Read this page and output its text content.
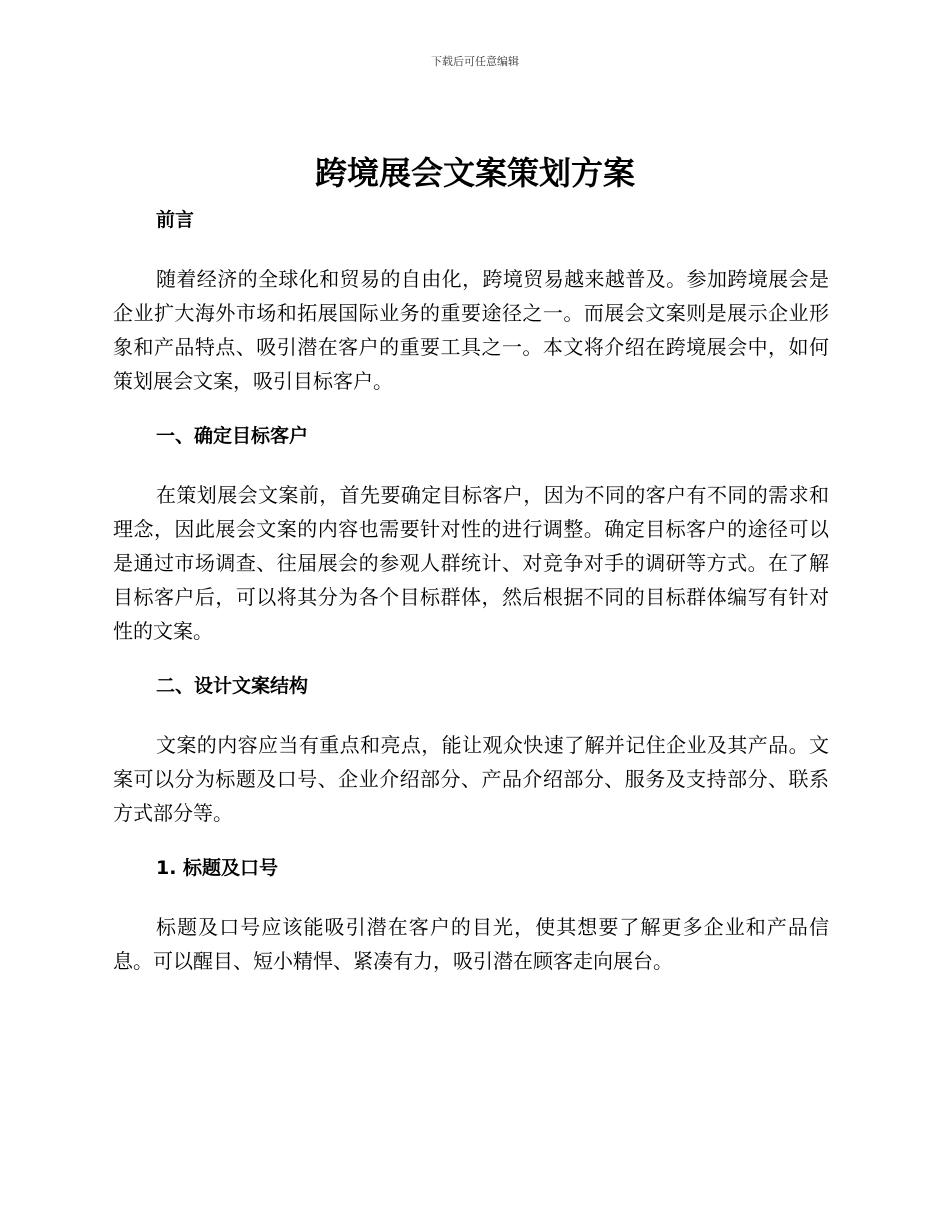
下载后可任意编辑
跨境展会文案策划方案
前言

随着经济的全球化和贸易的自由化，跨境贸易越来越普及。参加跨境展会是企业扩大海外市场和拓展国际业务的重要途径之一。而展会文案则是展示企业形象和产品特点、吸引潜在客户的重要工具之一。本文将介绍在跨境展会中，如何策划展会文案，吸引目标客户。

一、确定目标客户

在策划展会文案前，首先要确定目标客户，因为不同的客户有不同的需求和理念，因此展会文案的内容也需要针对性的进行调整。确定目标客户的途径可以是通过市场调查、往届展会的参观人群统计、对竞争对手的调研等方式。在了解目标客户后，可以将其分为各个目标群体，然后根据不同的目标群体编写有针对性的文案。

二、设计文案结构

文案的内容应当有重点和亮点，能让观众快速了解并记住企业及其产品。文案可以分为标题及口号、企业介绍部分、产品介绍部分、服务及支持部分、联系方式部分等。

1. 标题及口号

标题及口号应该能吸引潜在客户的目光，使其想要了解更多企业和产品信息。可以醒目、短小精悍、紧凑有力，吸引潜在顾客走向展台。
